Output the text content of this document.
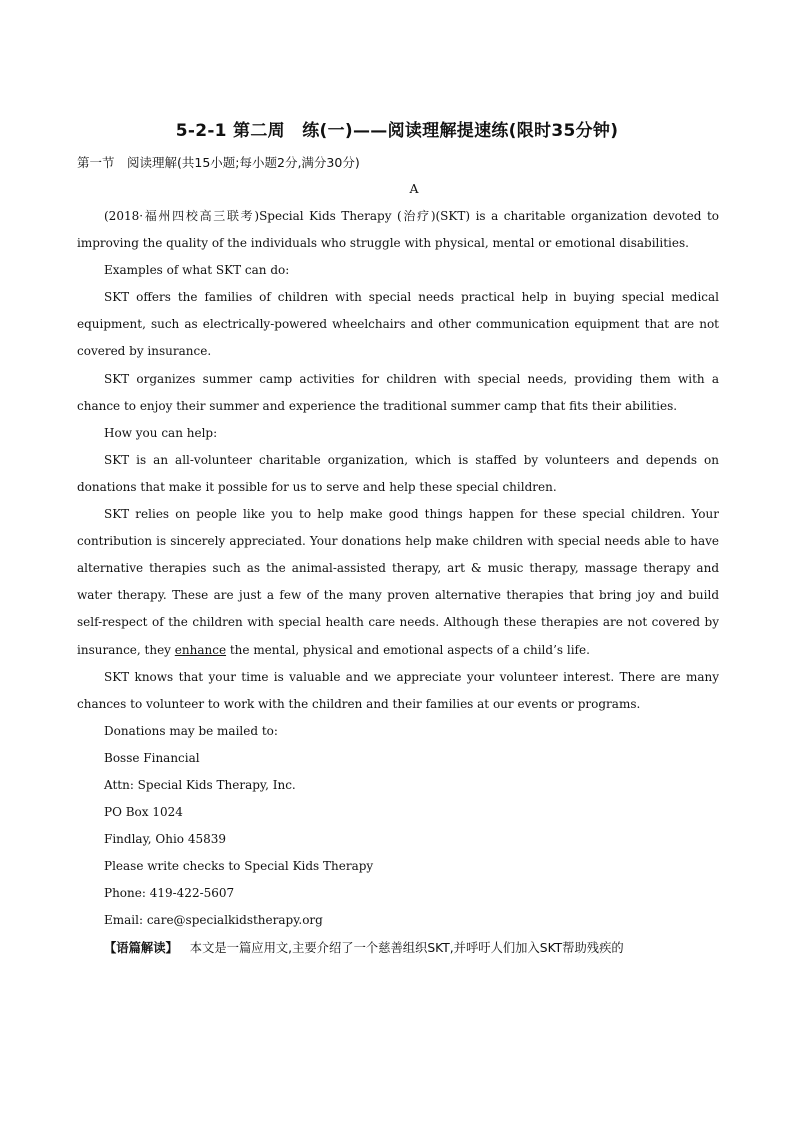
5-2-1 第二周　练(一)——阅读理解提速练(限时35分钟)
第一节　阅读理解(共15小题;每小题2分,满分30分)
A

(2018·福州四校高三联考)Special Kids Therapy (治疗)(SKT) is a charitable organization devoted to improving the quality of the individuals who struggle with physical, mental or emotional disabilities.

Examples of what SKT can do:

SKT offers the families of children with special needs practical help in buying special medical equipment, such as electrically-powered wheelchairs and other communication equipment that are not covered by insurance.

SKT organizes summer camp activities for children with special needs, providing them with a chance to enjoy their summer and experience the traditional summer camp that fits their abilities.

How you can help:

SKT is an all-volunteer charitable organization, which is staffed by volunteers and depends on donations that make it possible for us to serve and help these special children.

SKT relies on people like you to help make good things happen for these special children. Your contribution is sincerely appreciated. Your donations help make children with special needs able to have alternative therapies such as the animal-assisted therapy, art & music therapy, massage therapy and water therapy. These are just a few of the many proven alternative therapies that bring joy and build self-respect of the children with special health care needs. Although these therapies are not covered by insurance, they enhance the mental, physical and emotional aspects of a child’s life.

SKT knows that your time is valuable and we appreciate your volunteer interest. There are many chances to volunteer to work with the children and their families at our events or programs.

Donations may be mailed to:

Bosse Financial

Attn: Special Kids Therapy, Inc.

PO Box 1024

Findlay, Ohio 45839

Please write checks to Special Kids Therapy

Phone: 419-422-5607

Email: care@specialkidstherapy.org

【语篇解读】 本文是一篇应用文,主要介绍了一个慈善组织SKT,并呼吁人们加入SKT帮助残疾的
